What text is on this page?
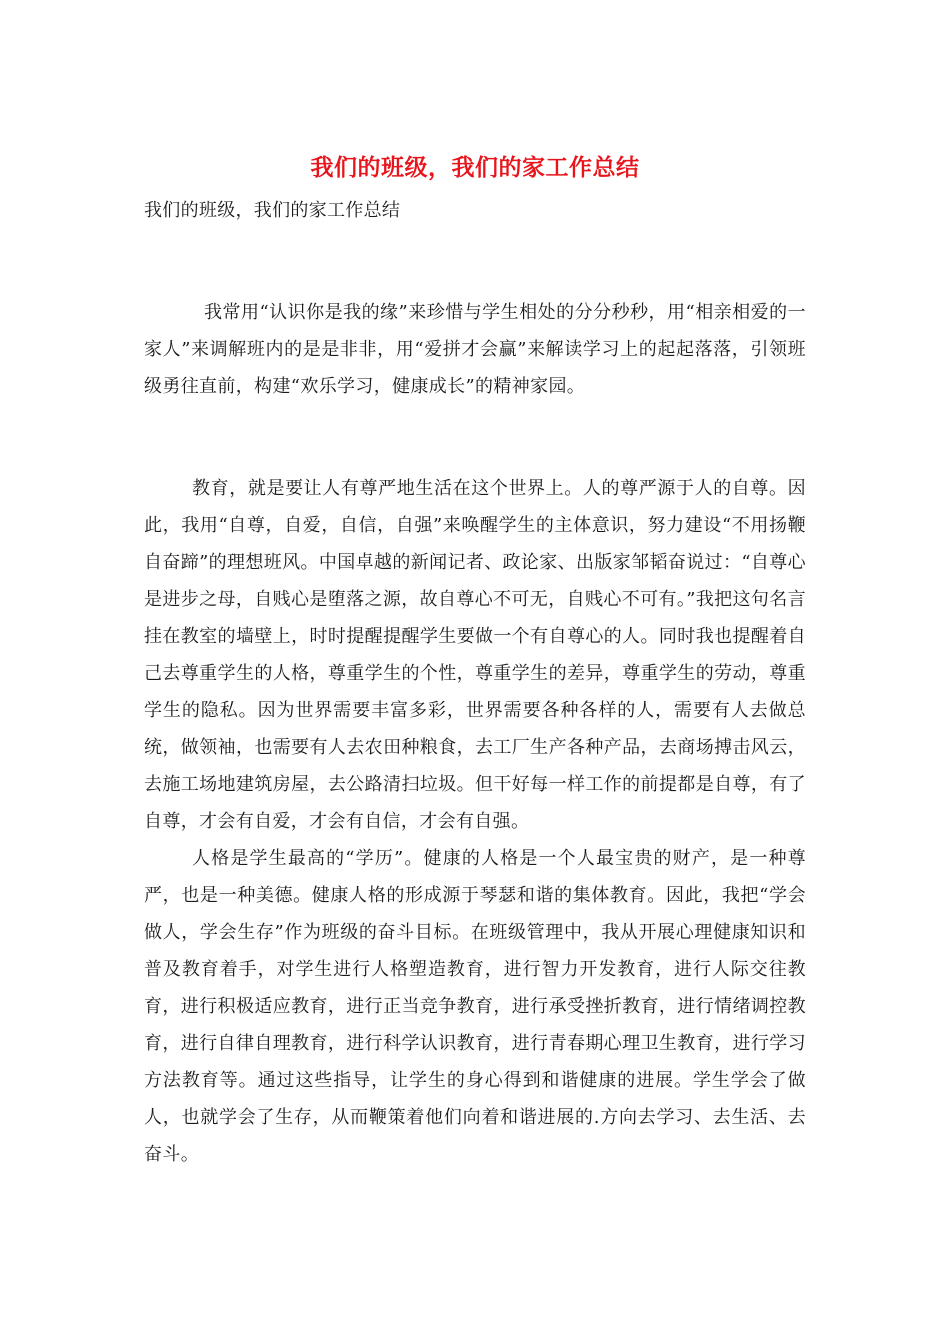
我们的班级，我们的家工作总结

我们的班级，我们的家工作总结

我常用“认识你是我的缘”来珍惜与学生相处的分分秒秒，用“相亲相爱的一家人”来调解班内的是是非非，用“爱拼才会赢”来解读学习上的起起落落，引领班级勇往直前，构建“欢乐学习，健康成长”的精神家园。

教育，就是要让人有尊严地生活在这个世界上。人的尊严源于人的自尊。因此，我用“自尊，自爱，自信，自强”来唤醒学生的主体意识，努力建设“不用扬鞭自奋蹄”的理想班风。中国卓越的新闻记者、政论家、出版家邹韬奋说过：“自尊心是进步之母，自贱心是堕落之源，故自尊心不可无，自贱心不可有。”我把这句名言挂在教室的墙壁上，时时提醒提醒学生要做一个有自尊心的人。同时我也提醒着自己去尊重学生的人格，尊重学生的个性，尊重学生的差异，尊重学生的劳动，尊重学生的隐私。因为世界需要丰富多彩，世界需要各种各样的人，需要有人去做总统，做领袖，也需要有人去农田种粮食，去工厂生产各种产品，去商场搏击风云，去施工场地建筑房屋，去公路清扫垃圾。但干好每一样工作的前提都是自尊，有了自尊，才会有自爱，才会有自信，才会有自强。

人格是学生最高的“学历”。健康的人格是一个人最宝贵的财产，是一种尊严，也是一种美德。健康人格的形成源于琴瑟和谐的集体教育。因此，我把“学会做人，学会生存”作为班级的奋斗目标。在班级管理中，我从开展心理健康知识和普及教育着手，对学生进行人格塑造教育，进行智力开发教育，进行人际交往教育，进行积极适应教育，进行正当竞争教育，进行承受挫折教育，进行情绪调控教育，进行自律自理教育，进行科学认识教育，进行青春期心理卫生教育，进行学习方法教育等。通过这些指导，让学生的身心得到和谐健康的进展。学生学会了做人，也就学会了生存，从而鞭策着他们向着和谐进展的.方向去学习、去生活、去奋斗。
